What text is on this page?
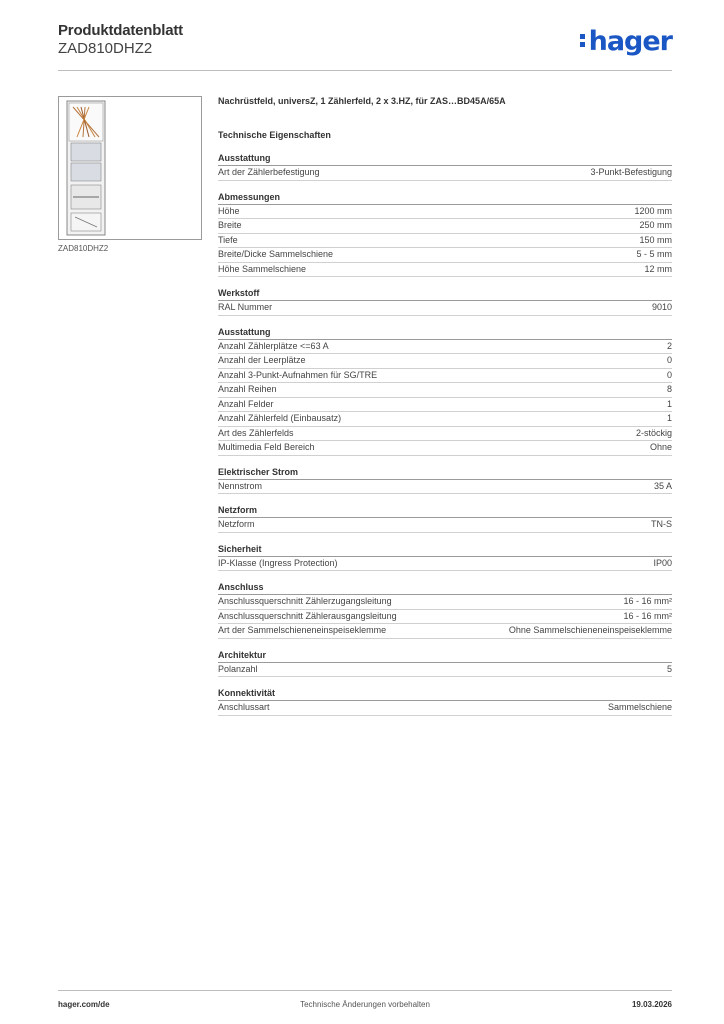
Produktdatenblatt
ZAD810DHZ2	hager
ZAD810DHZ2
Nachrüstfeld, universZ, 1 Zählerfeld, 2 x 3.HZ, für ZAS…BD45A/65A
Technische Eigenschaften
Ausstattung
Art der Zählerbefestigung	3-Punkt-Befestigung
Abmessungen
Höhe	1200 mm
Breite	250 mm
Tiefe	150 mm
Breite/Dicke Sammelschiene	5 - 5 mm
Höhe Sammelschiene	12 mm
Werkstoff
RAL Nummer	9010
Ausstattung
Anzahl Zählerplätze <=63 A	2
Anzahl der Leerplätze	0
Anzahl 3-Punkt-Aufnahmen für SG/TRE	0
Anzahl Reihen	8
Anzahl Felder	1
Anzahl Zählerfeld (Einbausatz)	1
Art des Zählerfelds	2-stöckig
Multimedia Feld Bereich	Ohne
Elektrischer Strom
Nennstrom	35 A
Netzform
Netzform	TN-S
Sicherheit
IP-Klasse (Ingress Protection)	IP00
Anschluss
Anschlussquerschnitt Zählerzugangsleitung	16 - 16 mm²
Anschlussquerschnitt Zählerausgangsleitung	16 - 16 mm²
Art der Sammelschieneneinspeiseklemme	Ohne Sammelschieneneinspeiseklemme
Architektur
Polanzahl	5
Konnektivität
Anschlussart	Sammelschiene
hager.com/de	Technische Änderungen vorbehalten	19.03.2026
